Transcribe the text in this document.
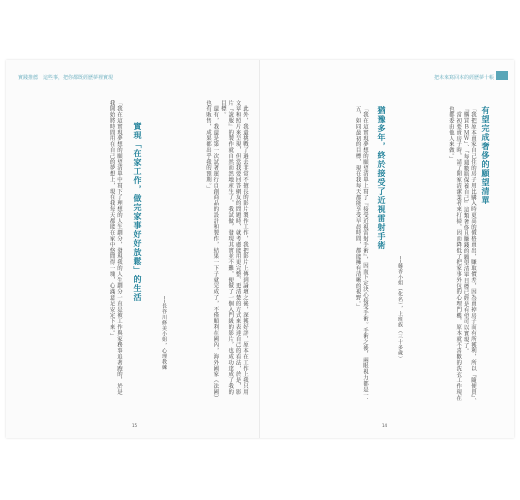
實踐推薦　這些事，把你都既經歷夢裡實現
　此外，我還挑戰了過去非常不擅長的影片製作工作，我把影片上傳到論壇之後，深獲好評，原本在工作上我只用文章和照片來呈現，但當我要回答網友的問題時，就考慮能用更完整、更清楚的方式來表達自己的看法，於是，影片『說服』的製作就自然而然地產生了，我試做，發現其實並不難，便做了一個入門級的影片，也成功達成了我的目標。
　還有，我還是第一次試著運行自創商品的設計和製作，結果一下子就完成了，不僅順利在國內，海外國家（法國）也有販售，成果都出乎我的預期。」
──長谷川修美小姐，心理教練
實現「在家工作，做完家事好好放鬆」的生活
「我在這實現夢想的願望清單中寫下了理想的人生劃分，發現我的人生劃分一直是被工作與家務事追著跑的，於是我開始將時間用在自己的夢想上，現在我每天都能在家中悠閒得一塊，心滿意足安定下來。」
15
把未來寫回本的經歷夢十帳
有望完成奢侈的願望清單
「我把原本賣家自己住的房子用比購入時更高的價格賣出，賺取價差，因為賣掉房子而有所獲利，所以『隨便買』、『購買ＢＭＷ』、『每週數瓶保養自己』這類奢侈且賺錢的願望清單目標已經是有望可以實現了。
　當初要賣房子時，請了開家清潔業者來打掃，因而降低了把家事外包的心理門檻，原本就不喜歡的洗衣工作現在也都委由他人來做。」
──藤香小姐（化名），上班族（三十多歲）
猶豫多年，終於接受了近視雷射手術
「我在這實現夢想的願望清單上寫了『接受近視雷射手術』，因而下定決心接受手術。手術之後，兩眼視力都是一．五，如同最初的目標，現在我每天都能享受早晨時間，都能擁有清晰的視野。」
14
